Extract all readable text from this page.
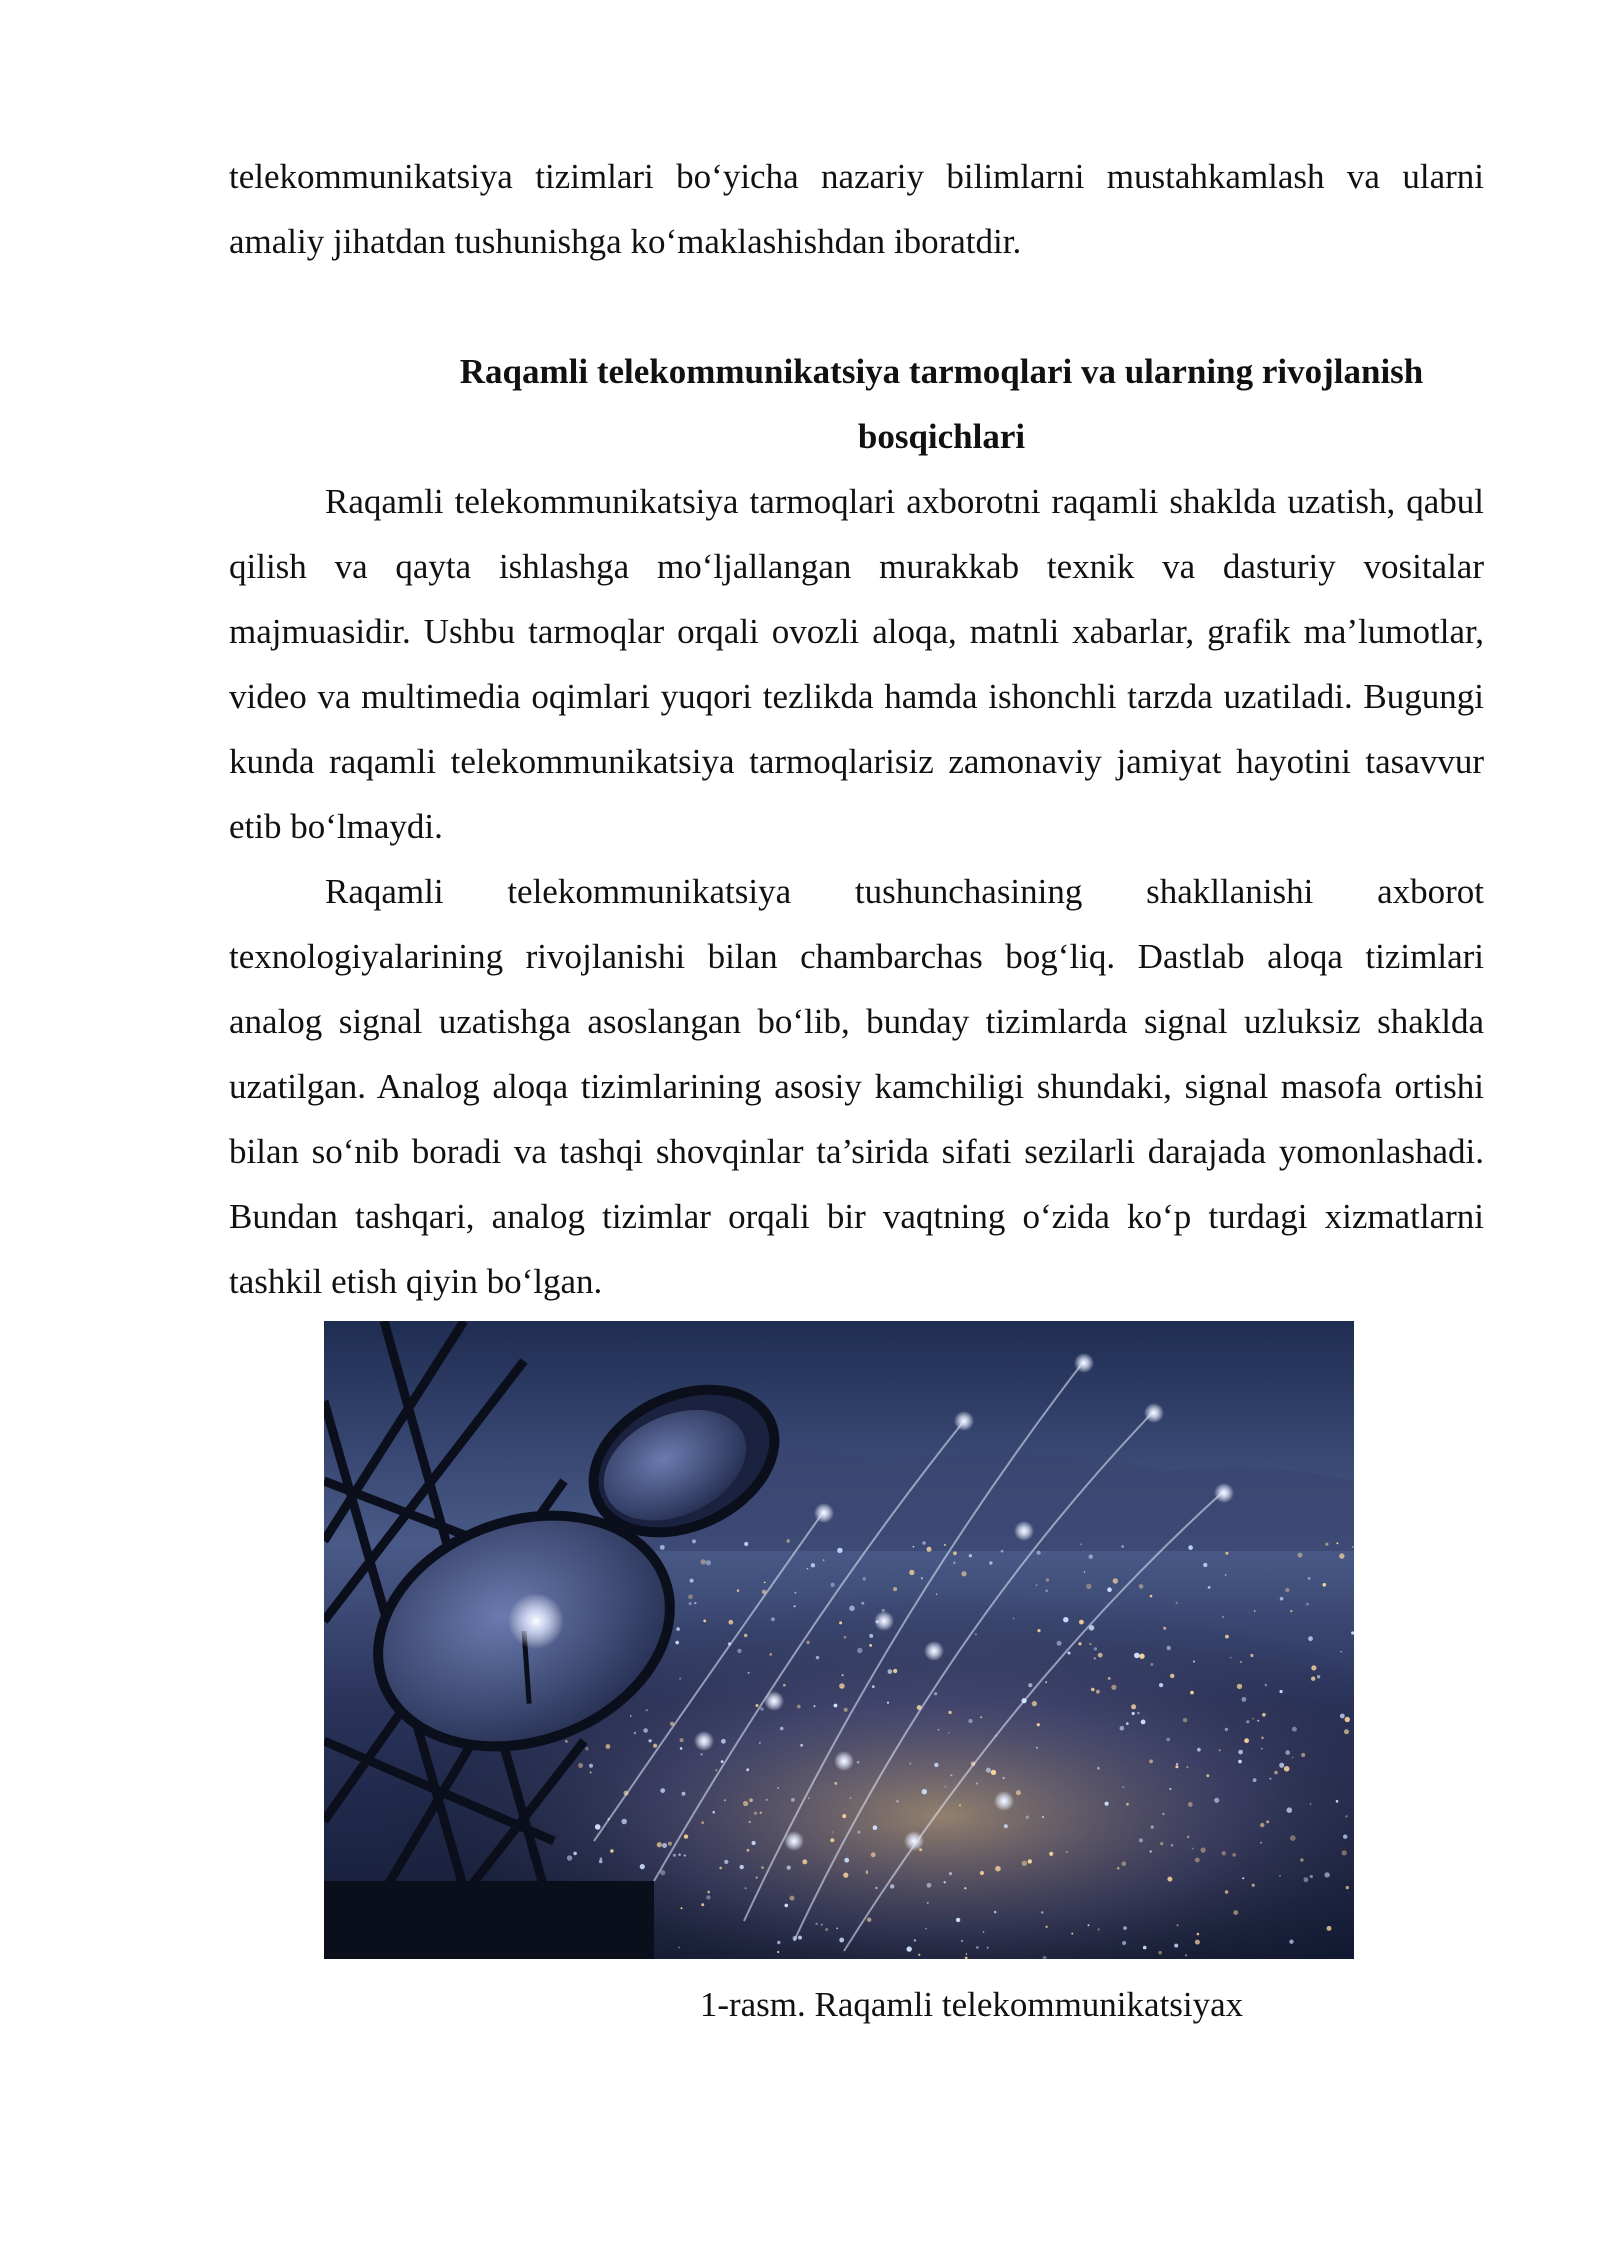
telekommunikatsiya tizimlari bo‘yicha nazariy bilimlarni mustahkamlash va ularni amaliy jihatdan tushunishga ko‘maklashishdan iboratdir.

Raqamli telekommunikatsiya tarmoqlari va ularning rivojlanish bosqichlari

Raqamli telekommunikatsiya tarmoqlari axborotni raqamli shaklda uzatish, qabul qilish va qayta ishlashga mo‘ljallangan murakkab texnik va dasturiy vositalar majmuasidir. Ushbu tarmoqlar orqali ovozli aloqa, matnli xabarlar, grafik ma’lumotlar, video va multimedia oqimlari yuqori tezlikda hamda ishonchli tarzda uzatiladi. Bugungi kunda raqamli telekommunikatsiya tarmoqlarisiz zamonaviy jamiyat hayotini tasavvur etib bo‘lmaydi.

Raqamli telekommunikatsiya tushunchasining shakllanishi axborot texnologiyalarining rivojlanishi bilan chambarchas bog‘liq. Dastlab aloqa tizimlari analog signal uzatishga asoslangan bo‘lib, bunday tizimlarda signal uzluksiz shaklda uzatilgan. Analog aloqa tizimlarining asosiy kamchiligi shundaki, signal masofa ortishi bilan so‘nib boradi va tashqi shovqinlar ta’sirida sifati sezilarli darajada yomonlashadi. Bundan tashqari, analog tizimlar orqali bir vaqtning o‘zida ko‘p turdagi xizmatlarni tashkil etish qiyin bo‘lgan.

1-rasm. Raqamli telekommunikatsiyax
